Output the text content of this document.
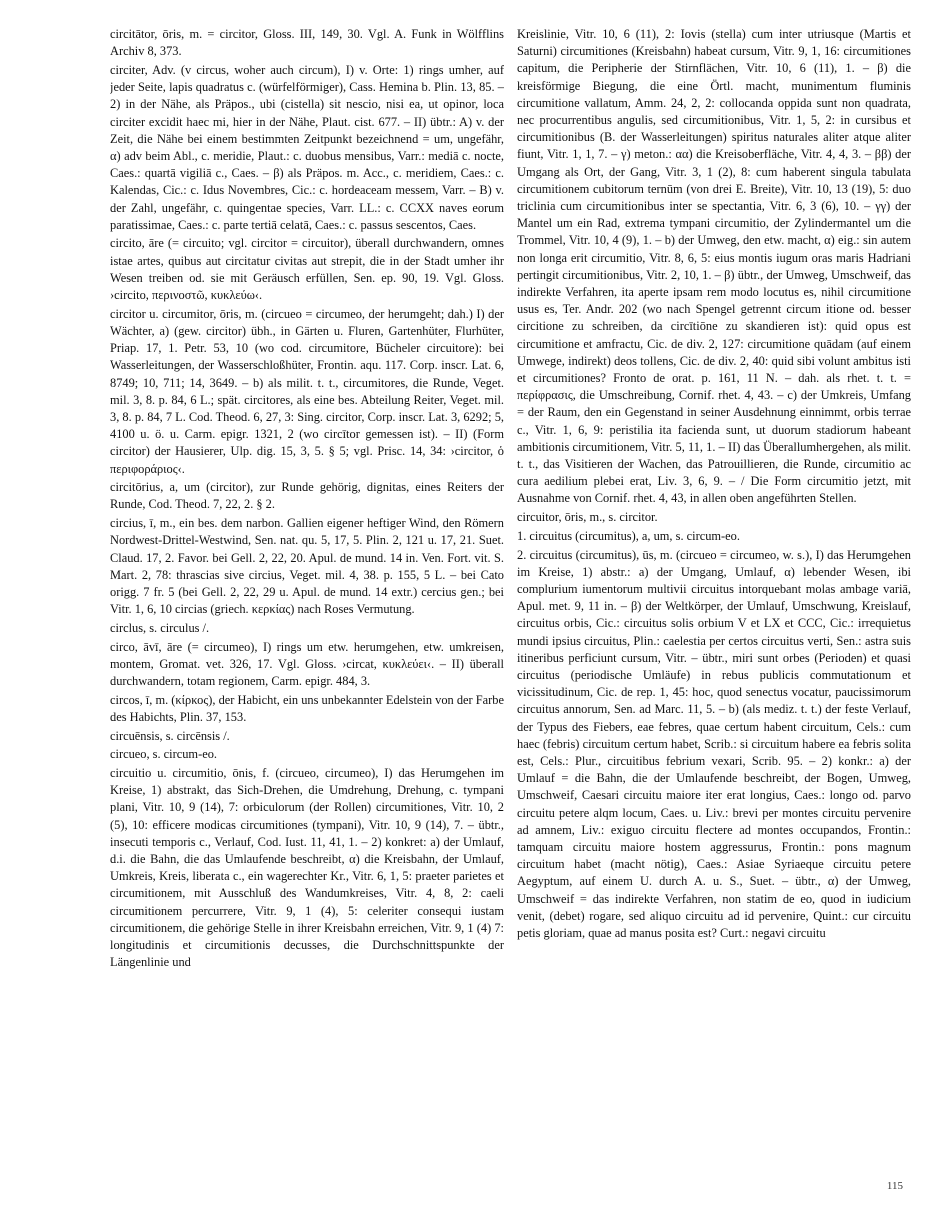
circitātor, ōris, m. = circitor, Gloss. III, 149, 30. Vgl. A. Funk in Wölfflins Archiv 8, 373.

circiter, Adv. (v circus, woher auch circum), I) v. Orte: 1) rings umher, auf jeder Seite, lapis quadratus c. (würfelförmiger), Cass. Hemina b. Plin. 13, 85. – 2) in der Nähe, als Präpos., ubi (cistella) sit nescio, nisi ea, ut opinor, loca circiter excidit haec mi, hier in der Nähe, Plaut. cist. 677. – II) übtr.: A) v. der Zeit, die Nähe bei einem bestimmten Zeitpunkt bezeichnend = um, ungefähr, α) adv beim Abl., c. meridie, Plaut.: c. duobus mensibus, Varr.: mediā c. nocte, Caes.: quartā vigiliā c., Caes. – β) als Präpos. m. Acc., c. meridiem, Caes.: c. Kalendas, Cic.: c. Idus Novembres, Cic.: c. hordeaceam messem, Varr. – B) v. der Zahl, ungefähr, c. quingentae species, Varr. LL.: c. CCXX naves eorum paratissimae, Caes.: c. parte tertiā celatā, Caes.: c. passus sescentos, Caes.

circito, āre (= circuito; vgl. circitor = circuitor), überall durchwandern, omnes istae artes, quibus aut circitatur civitas aut strepit, die in der Stadt umher ihr Wesen treiben od. sie mit Geräusch erfüllen, Sen. ep. 90, 19. Vgl. Gloss. ›circito, περινοστῶ, κυκλεύω‹.

circitor u. circumitor, ōris, m. (circueo = circumeo, der herumgeht; dah.) I) der Wächter, a) (gew. circitor) übh., in Gärten u. Fluren, Gartenhüter, Flurhüter, Priap. 17, 1. Petr. 53, 10 (wo cod. circumitore, Bücheler circuitore): bei Wasserleitungen, der Wasserschloßhüter, Frontin. aqu. 117. Corp. inscr. Lat. 6, 8749; 10, 711; 14, 3649. – b) als milit. t. t., circumitores, die Runde, Veget. mil. 3, 8. p. 84, 6 L.; spät. circitores, als eine bes. Abteilung Reiter, Veget. mil. 3, 8. p. 84, 7 L. Cod. Theod. 6, 27, 3: Sing. circitor, Corp. inscr. Lat. 3, 6292; 5, 4100 u. ö. u. Carm. epigr. 1321, 2 (wo circītor gemessen ist). – II) (Form circitor) der Hausierer, Ulp. dig. 15, 3, 5. § 5; vgl. Prisc. 14, 34: ›circitor, ὁ περιφοράριος‹.

circitōrius, a, um (circitor), zur Runde gehörig, dignitas, eines Reiters der Runde, Cod. Theod. 7, 22, 2. § 2.

circius, ī, m., ein bes. dem narbon. Gallien eigener heftiger Wind, den Römern Nordwest-Drittel-Westwind, Sen. nat. qu. 5, 17, 5. Plin. 2, 121 u. 17, 21. Suet. Claud. 17, 2. Favor. bei Gell. 2, 22, 20. Apul. de mund. 14 in. Ven. Fort. vit. S. Mart. 2, 78: thrascias sive circius, Veget. mil. 4, 38. p. 155, 5 L. – bei Cato origg. 7 fr. 5 (bei Gell. 2, 22, 29 u. Apul. de mund. 14 extr.) cercius gen.; bei Vitr. 1, 6, 10 circias (griech. κερκίας) nach Roses Vermutung.

circlus, s. circulus /.

circo, āvī, āre (= circumeo), I) rings um etw. herumgehen, etw. umkreisen, montem, Gromat. vet. 326, 17. Vgl. Gloss. ›circat, κυκλεύει‹. – II) überall durchwandern, totam regionem, Carm. epigr. 484, 3.

circos, ī, m. (κίρκος), der Habicht, ein uns unbekannter Edelstein von der Farbe des Habichts, Plin. 37, 153.

circuēnsis, s. circēnsis /.

circueo, s. circum-eo.

circuitio u. circumitio, ōnis, f. (circueo, circumeo), I) das Herumgehen im Kreise, 1) abstrakt, das Sich-Drehen, die Umdrehung, Drehung, c. tympani plani, Vitr. 10, 9 (14), 7: orbiculorum (der Rollen) circumitiones, Vitr. 10, 2 (5), 10: efficere modicas circumitiones (tympani), Vitr. 10, 9 (14), 7. – übtr., insecuti temporis c., Verlauf, Cod. Iust. 11, 41, 1. – 2) konkret: a) der Umlauf, d.i. die Bahn, die das Umlaufende beschreibt, α) die Kreisbahn, der Umlauf, Umkreis, Kreis, liberata c., ein wagerechter Kr., Vitr. 6, 1, 5: praeter parietes et circumitionem, mit Ausschluß des Wandumkreises, Vitr. 4, 8, 2: caeli circumitionem percurrere, Vitr. 9, 1 (4), 5: celeriter consequi iustam circumitionem, die gehörige Stelle in ihrer Kreisbahn erreichen, Vitr. 9, 1 (4) 7: longitudinis et circumitionis decusses, die Durchschnittspunkte der Längenlinie und

Kreislinie, Vitr. 10, 6 (11), 2: Iovis (stella) cum inter utriusque (Martis et Saturni) circumitiones (Kreisbahn) habeat cursum, Vitr. 9, 1, 16: circumitiones capitum, die Peripherie der Stirnflächen, Vitr. 10, 6 (11), 1. – β) die kreisförmige Biegung, die eine Örtl. macht, munimentum fluminis circumitione vallatum, Amm. 24, 2, 2: collocanda oppida sunt non quadrata, nec procurrentibus angulis, sed circumitionibus, Vitr. 1, 5, 2: in cursibus et circumitionibus (B. der Wasserleitungen) spiritus naturales aliter atque aliter fiunt, Vitr. 1, 1, 7. – γ) meton.: αα) die Kreisoberfläche, Vitr. 4, 4, 3. – ββ) der Umgang als Ort, der Gang, Vitr. 3, 1 (2), 8: cum haberent singula tabulata circumitionem cubitorum ternūm (von drei E. Breite), Vitr. 10, 13 (19), 5: duo triclinia cum circumitionibus inter se spectantia, Vitr. 6, 3 (6), 10. – γγ) der Mantel um ein Rad, extrema tympani circumitio, der Zylindermantel um die Trommel, Vitr. 10, 4 (9), 1. – b) der Umweg, den etw. macht, α) eig.: sin autem non longa erit circumitio, Vitr. 8, 6, 5: eius montis iugum oras maris Hadriani pertingit circumitionibus, Vitr. 2, 10, 1. – β) übtr., der Umweg, Umschweif, das indirekte Verfahren, ita aperte ipsam rem modo locutus es, nihil circumitione usus es, Ter. Andr. 202 (wo nach Spengel getrennt circum itione od. besser circitione zu schreiben, da circītiōne zu skandieren ist): quid opus est circumitione et amfractu, Cic. de div. 2, 127: circumitione quādam (auf einem Umwege, indirekt) deos tollens, Cic. de div. 2, 40: quid sibi volunt ambitus isti et circumitiones? Fronto de orat. p. 161, 11 N. – dah. als rhet. t. t. = περίφρασις, die Umschreibung, Cornif. rhet. 4, 43. – c) der Umkreis, Umfang = der Raum, den ein Gegenstand in seiner Ausdehnung einnimmt, orbis terrae c., Vitr. 1, 6, 9: peristilia ita facienda sunt, ut duorum stadiorum habeant ambitionis circumitionem, Vitr. 5, 11, 1. – II) das Überallumhergehen, als milit. t. t., das Visitieren der Wachen, das Patrouillieren, die Runde, circumitio ac cura aedilium plebei erat, Liv. 3, 6, 9. – / Die Form circumitio jetzt, mit Ausnahme von Cornif. rhet. 4, 43, in allen oben angeführten Stellen.

circuitor, ōris, m., s. circitor.

1. circuitus (circumitus), a, um, s. circum-eo.

2. circuitus (circumitus), ūs, m. (circueo = circumeo, w. s.), I) das Herumgehen im Kreise, 1) abstr.: a) der Umgang, Umlauf, α) lebender Wesen, ibi complurium iumentorum multivii circuitus intorquebant molas ambage variā, Apul. met. 9, 11 in. – β) der Weltkörper, der Umlauf, Umschwung, Kreislauf, circuitus orbis, Cic.: circuitus solis orbium V et LX et CCC, Cic.: irrequietus mundi ipsius circuitus, Plin.: caelestia per certos circuitus verti, Sen.: astra suis itineribus perficiunt cursum, Vitr. – übtr., miri sunt orbes (Perioden) et quasi circuitus (periodische Umläufe) in rebus publicis commutationum et vicissitudinum, Cic. de rep. 1, 45: hoc, quod senectus vocatur, paucissimorum circuitus annorum, Sen. ad Marc. 11, 5. – b) (als mediz. t. t.) der feste Verlauf, der Typus des Fiebers, eae febres, quae certum habent circuitum, Cels.: cum haec (febris) circuitum certum habet, Scrib.: si circuitum habere ea febris solita est, Cels.: Plur., circuitibus febrium vexari, Scrib. 95. – 2) konkr.: a) der Umlauf = die Bahn, die der Umlaufende beschreibt, der Bogen, Umweg, Umschweif, Caesari circuitu maiore iter erat longius, Caes.: longo od. parvo circuitu petere alqm locum, Caes. u. Liv.: brevi per montes circuitu pervenire ad amnem, Liv.: exiguo circuitu flectere ad montes occupandos, Frontin.: tamquam circuitu maiore hostem aggressurus, Frontin.: pons magnum circuitum habet (macht nötig), Caes.: Asiae Syriaeque circuitu petere Aegyptum, auf einem U. durch A. u. S., Suet. – übtr., α) der Umweg, Umschweif = das indirekte Verfahren, non statim de eo, quod in iudicium venit, (debet) rogare, sed aliquo circuitu ad id pervenire, Quint.: cur circuitu petis gloriam, quae ad manus posita est? Curt.: negavi circuitu

115
